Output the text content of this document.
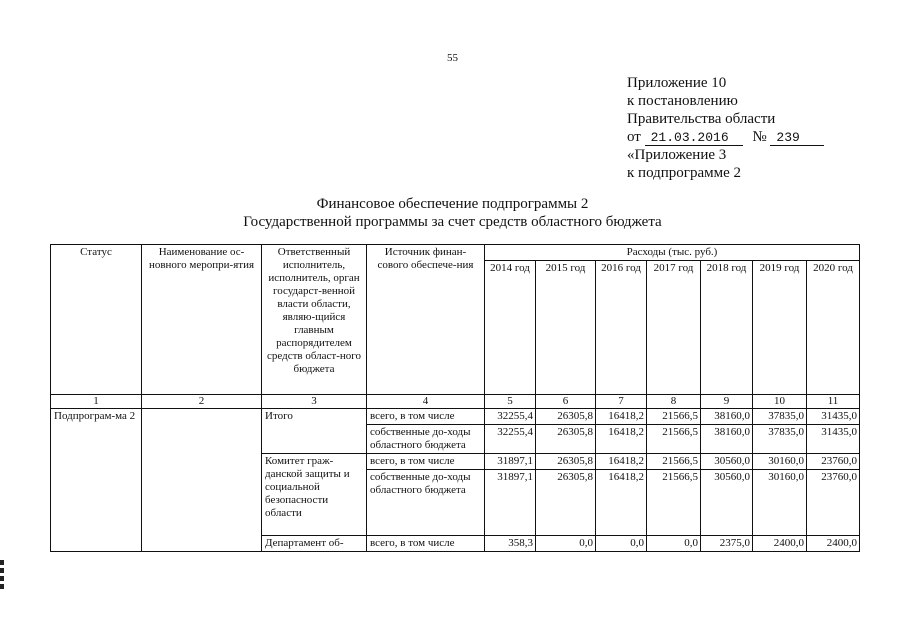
55
Приложение 10
к постановлению
Правительства области
от 21.03.2016 № 239
«Приложение 3
к подпрограмме 2
Финансовое обеспечение подпрограммы 2
Государственной программы за счет средств областного бюджета
Статус	Наименование ос-новного меропри-ятия	Ответственный исполнитель, исполнитель, орган государст-венной власти области, являю-щийся главным распорядителем средств област-ного бюджета	Источник финан-сового обеспече-ния	Расходы (тыс. руб.)						
				2014 год	2015 год	2016 год	2017 год	2018 год	2019 год	2020 год
1	2	3	4	5	6	7	8	9	10	11
Подпрограм-ма 2		Итого	всего, в том числе	32255,4	26305,8	16418,2	21566,5	38160,0	37835,0	31435,0
			собственные до-ходы областного бюджета	32255,4	26305,8	16418,2	21566,5	38160,0	37835,0	31435,0
		Комитет граж-данской защиты и социальной безопасности области	всего, в том числе	31897,1	26305,8	16418,2	21566,5	30560,0	30160,0	23760,0
			собственные до-ходы областного бюджета	31897,1	26305,8	16418,2	21566,5	30560,0	30160,0	23760,0
		Департамент об-	всего, в том числе	358,3	0,0	0,0	0,0	2375,0	2400,0	2400,0
